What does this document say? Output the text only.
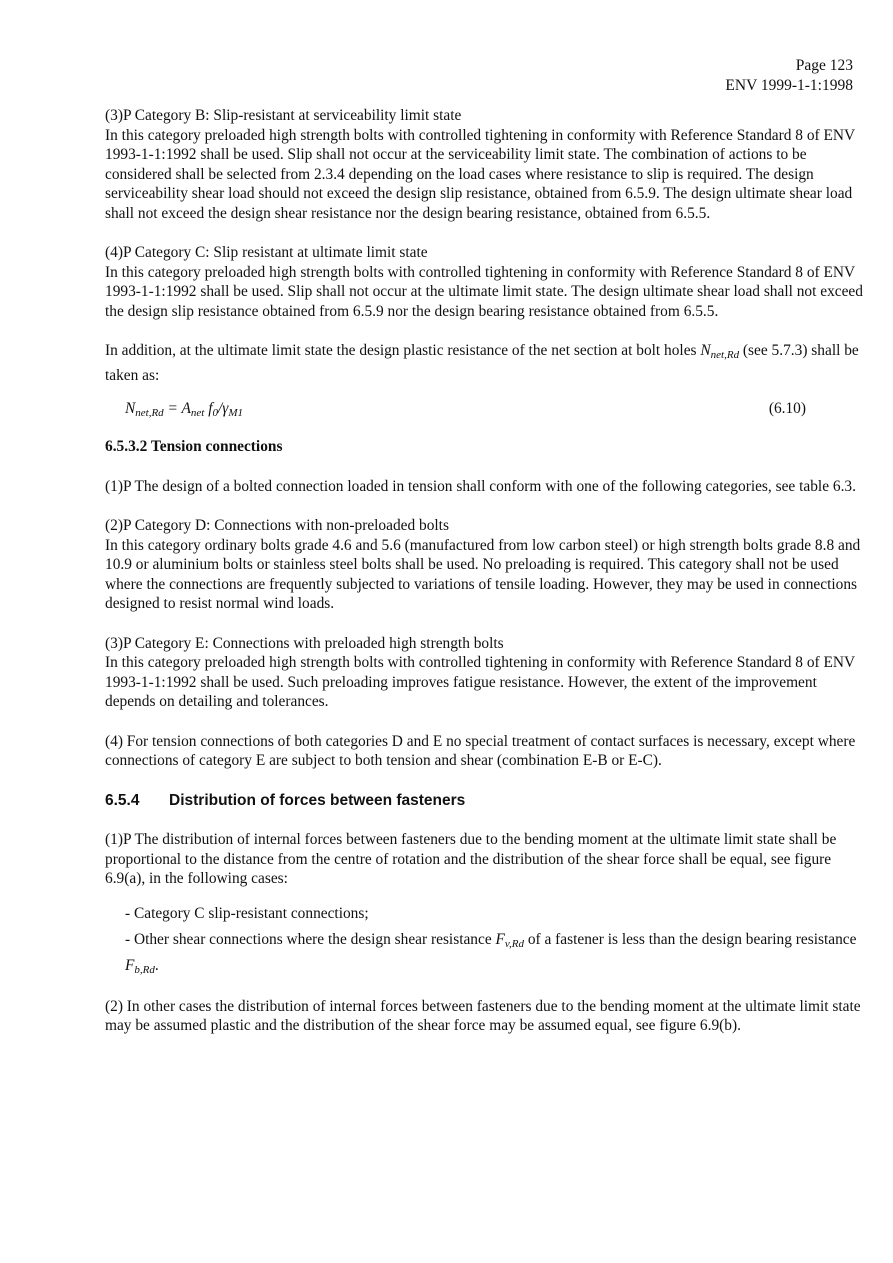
Page 123
ENV 1999-1-1:1998

(3)P Category B: Slip-resistant at serviceability limit state

In this category preloaded high strength bolts with controlled tightening in conformity with Reference Standard 8 of ENV 1993-1-1:1992 shall be used. Slip shall not occur at the serviceability limit state. The combination of actions to be considered shall be selected from 2.3.4 depending on the load cases where resistance to slip is required. The design serviceability shear load should not exceed the design slip resistance, obtained from 6.5.9. The design ultimate shear load shall not exceed the design shear resistance nor the design bearing resistance, obtained from 6.5.5.

(4)P Category C: Slip resistant at ultimate limit state

In this category preloaded high strength bolts with controlled tightening in conformity with Reference Standard 8 of ENV 1993-1-1:1992 shall be used. Slip shall not occur at the ultimate limit state. The design ultimate shear load shall not exceed the design slip resistance obtained from 6.5.9 nor the design bearing resistance obtained from 6.5.5.

In addition, at the ultimate limit state the design plastic resistance of the net section at bolt holes $N_{net,Rd}$ (see 5.7.3) shall be taken as:

$N_{net,Rd} = A_{net}$ $f_0/\gamma_{M1}$	(6.10)

6.5.3.2 Tension connections

(1)P The design of a bolted connection loaded in tension shall conform with one of the following categories, see table 6.3.

(2)P Category D: Connections with non-preloaded bolts

In this category ordinary bolts grade 4.6 and 5.6 (manufactured from low carbon steel) or high strength bolts grade 8.8 and 10.9 or aluminium bolts or stainless steel bolts shall be used. No preloading is required. This category shall not be used where the connections are frequently subjected to variations of tensile loading. However, they may be used in connections designed to resist normal wind loads.

(3)P Category E: Connections with preloaded high strength bolts

In this category preloaded high strength bolts with controlled tightening in conformity with Reference Standard 8 of ENV 1993-1-1:1992 shall be used. Such preloading improves fatigue resistance. However, the extent of the improvement depends on detailing and tolerances.

(4) For tension connections of both categories D and E no special treatment of contact surfaces is necessary, except where connections of category E are subject to both tension and shear (combination E-B or E-C).

6.5.4 Distribution of forces between fasteners

(1)P The distribution of internal forces between fasteners due to the bending moment at the ultimate limit state shall be proportional to the distance from the centre of rotation and the distribution of the shear force shall be equal, see figure 6.9(a), in the following cases:

- Category C slip-resistant connections;

- Other shear connections where the design shear resistance $F_{v,Rd}$ of a fastener is less than the design bearing resistance $F_{b,Rd}$.

(2) In other cases the distribution of internal forces between fasteners due to the bending moment at the ultimate limit state may be assumed plastic and the distribution of the shear force may be assumed equal, see figure 6.9(b).
